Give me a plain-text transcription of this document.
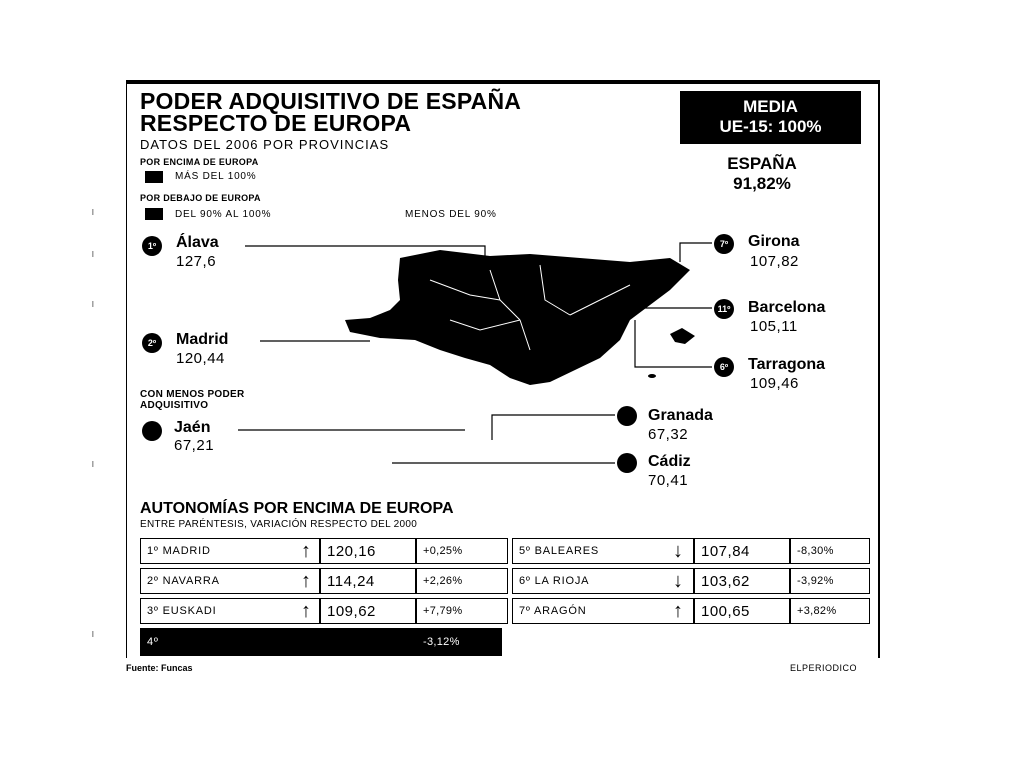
l
l
l
l
l
PODER ADQUISITIVO DE ESPAÑA
RESPECTO DE EUROPA
DATOS DEL 2006 POR PROVINCIAS
MEDIA
UE-15: 100%
ESPAÑA
91,82%
POR ENCIMA DE EUROPA
MÁS DEL 100%
POR DEBAJO DE EUROPA
DEL 90% AL 100%	MENOS DEL 90%
1º	Álava
127,6
2º	Madrid
120,44
7º	Girona
107,82
11º Barcelona
105,11
6º	Tarragona
109,46
CON MENOS PODER
ADQUISITIVO
Jaén
67,21
Granada
67,32
Cádiz
70,41
AUTONOMÍAS POR ENCIMA DE EUROPA
ENTRE PARÉNTESIS, VARIACIÓN RESPECTO DEL 2000
1º MADRID	↑	120,16	+0,25%
2º NAVARRA	↑	114,24	+2,26%
3º EUSKADI	↑	109,62	+7,79%
4º	-3,12%
5º BALEARES	↓	107,84	-8,30%
6º LA RIOJA	↓	103,62	-3,92%
7º ARAGÓN	↑	100,65	+3,82%
Fuente: Funcas	ELPERIODICO
